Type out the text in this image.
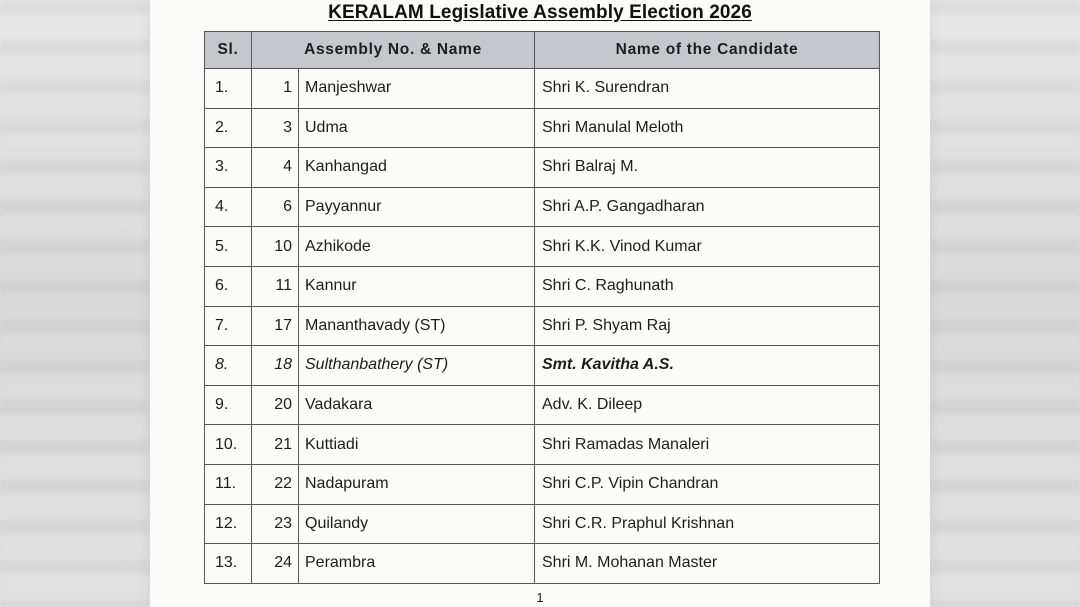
KERALAM Legislative Assembly Election 2026
Sl.	Assembly No. & Name		Name of the Candidate
1.	1	Manjeshwar	Shri K. Surendran
2.	3	Udma	Shri Manulal Meloth
3.	4	Kanhangad	Shri Balraj M.
4.	6	Payyannur	Shri A.P. Gangadharan
5.	10	Azhikode	Shri K.K. Vinod Kumar
6.	11	Kannur	Shri C. Raghunath
7.	17	Mananthavady (ST)	Shri P. Shyam Raj
8.	18	Sulthanbathery (ST)	Smt. Kavitha A.S.
9.	20	Vadakara	Adv. K. Dileep
10.	21	Kuttiadi	Shri Ramadas Manaleri
11.	22	Nadapuram	Shri C.P. Vipin Chandran
12.	23	Quilandy	Shri C.R. Praphul Krishnan
13.	24	Perambra	Shri M. Mohanan Master
1
